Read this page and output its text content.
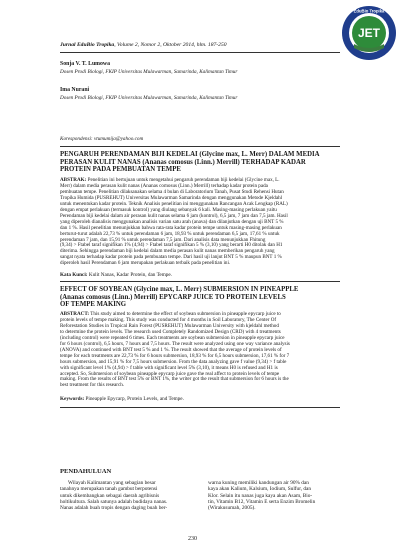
JET
EduBio Tropika
Jurnal EduBio Tropika, Volume 2, Nomor 2, Oktober 2014, hlm. 187-250
Sonja V. T. Lumowa
Dosen Prodi Biologi, FKIP Universitas Mulawarman, Samarinda, Kalimantan Timur
Ima Nurani
Dosen Prodi Biologi, FKIP Universitas Mulawarman, Samarinda, Kalimantan Timur
Korespondensi: vtumumija@yahoo.com
PENGARUH PERENDAMAN BIJI KEDELAI (Glycine max, L. Merr) DALAM MEDIA
PERASAN KULIT NANAS (Ananas comosus (Linn.) Merrill) TERHADAP KADAR
PROTEIN PADA PEMBUATAN TEMPE
ABSTRAK: Penelitian ini bertujuan untuk mengetahui pengaruh perendaman biji kedelai (Glycine max, L.
Merr) dalam media perasan kulit nanas (Ananas comosus (Linn.) Merrill) terhadap kadar protein pada
pembuatan tempe. Penelitian dilaksanakan selama 4 bulan di Laboratorium Tanah, Pusat Studi Rehensi Hutan
Tropika Humida (PUSREHUT) Universitas Mulawarman Samarinda dengan menggunakan Metode Kjeldahl
untuk menentukan kadar protein. Teknik Analisis penelitian ini menggunakan Rancangan Acak Lengkap (RAL)
dengan empat perlakuan (termasuk kontrol) yang diulang sebanyak 6 kali. Masing-masing perlakuan yaitu
Perendaman biji kedelai dalam air perasan kulit nanas selama 6 jam (kontrol), 6,5 jam, 7 jam dan 7,5 jam. Hasil
yang diperoleh dianalisis menggunakan analisis varian satu arah (anava) dan dilanjutkan dengan uji BNT 5 %
dan 1 %. Hasil penelitian menunjukkan bahwa rata-rata kadar protein tempe untuk masing-masing perlakuan
berturut-turut adalah 22,73 % untuk perendaman 6 jam, 18,93 % untuk perendaman 6,5 jam, 17,61 % untuk
perendaman 7 jam, dan 15,91 % untuk perendaman 7,5 jam. Dari analisis data menunjukkan Fhitung
(9,34) > Ftabel taraf signifikan 1% (4,94) > Ftabel taraf signifikan 5 % (3,10) yang berarti H0 ditolak dan H1
diterima. Sehingga perendaman biji kedelai dalam media perasan kulit nanas memberikan pengaruh yang
sangat nyata terhadap kadar protein pada pembuatan tempe. Dari hasil uji lanjut BNT 5 % maupun BNT 1 %
diperoleh hasil Perendaman 6 jam merupakan perlakuan terbaik pada penelitian ini.
Kata Kunci: Kulit Nanas, Kadar Protein, dan Tempe.
EFFECT OF SOYBEAN (Glycine max, L. Merr) SUBMERSION IN PINEAPPLE
(Ananas comosus (Linn.) Merrill) EPYCARP JUICE TO PROTEIN LEVELS
OF TEMPE MAKING
ABSTRACT: This study aimed to determine the effect of soybean submersion in pineapple epycarp juice to
protein levels of tempe making. This study was conducted for 4 months in Soil Laboratory, The Center Of
Reforestation Studies in Tropical Rain Forest (PUSREHUT) Mulawarman University with kjeldahl method
to determine the protein levels. The research used Completely Randomized Design (CRD) with 4 treatments
(including control) were repeated 6 times. Each treatments are soybean submersion in pineapple epycarp juice
for 6 hours (control), 6,5 hours, 7 hours and 7,5 hours. The result were analyzed using one way variance analysis
(ANOVA) and continued with BNT test 5 % and 1 %. The result showed that the average of protein levels of
tempe for each treatments are 22,73 % for 6 hours submersion, 18,93 % for 6,5 hours submersion, 17,61 % for 7
hours submersion, and 15,91 % for 7,5 hours submersion. From the data analyzing gave f value (9,34) > f table
with significant level 1% (4,94) > f table with significant level 5% (3,10), it means H0 is refused and H1 is
accepted. So, Submersion of soybean pineapple epycarp juice gave the real affect to protein levels of tempe
making. From the results of BNT test 5% or BNT 1%, the writer got the result that submersion for 6 hours is the
best treatment for this research.
Keywords: Pineapple Epycarp, Protein Levels, and Tempe.
PENDAHULUAN
Wilayah Kalimantan yang sebagian besar
tanahnya merupakan tanah gambut berpotensi
untuk dikembangkan sebagai daerah agribisnis
holtikultura. Salah satunya adalah budidaya nanas.
Nanas adalah buah tropis dengan daging buah ber-
warna kuning memiliki kandungan air 90% dan
kaya akan Kalium, Kalsium, Iodium, Sulfur, dan
Klor. Selain itu nanas juga kaya akan Asam, Bio-
tin, Vitamin B12, Vitamin E serta Enzim Bromelin
(Wirakusumah, 2005).
230
